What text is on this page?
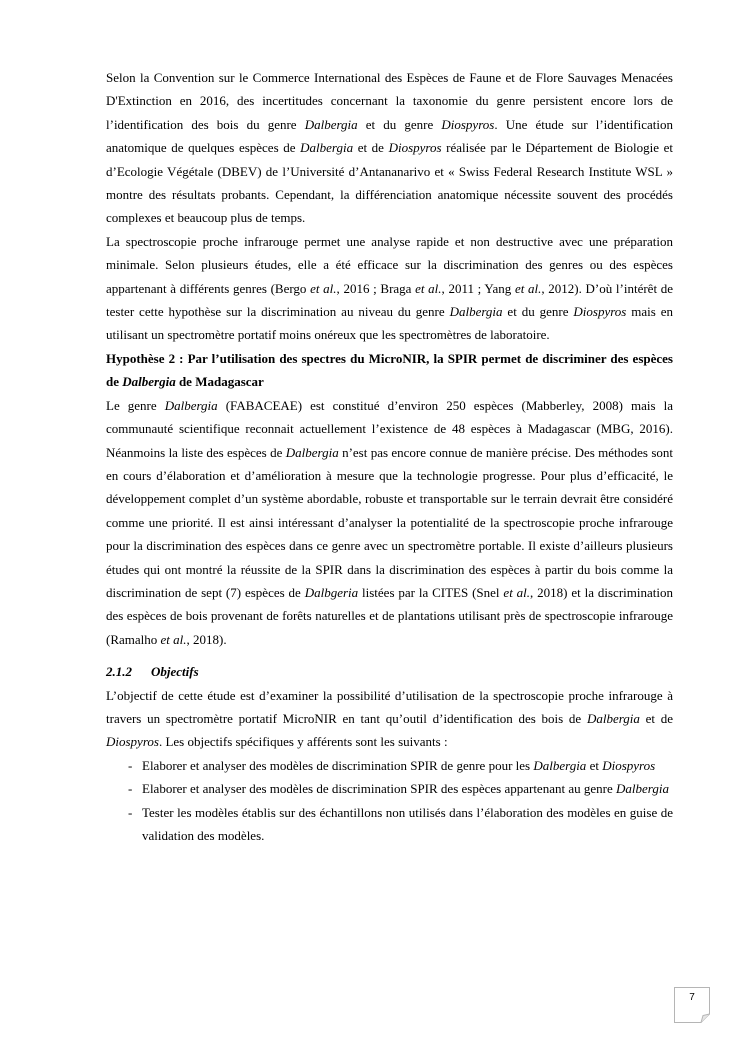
Selon la Convention sur le Commerce International des Espèces de Faune et de Flore Sauvages Menacées D'Extinction en 2016, des incertitudes concernant la taxonomie du genre persistent encore lors de l’identification des bois du genre Dalbergia et du genre Diospyros. Une étude sur l’identification anatomique de quelques espèces de Dalbergia et de Diospyros réalisée par le Département de Biologie et d’Ecologie Végétale (DBEV) de l’Université d’Antananarivo et « Swiss Federal Research Institute WSL » montre des résultats probants. Cependant, la différenciation anatomique nécessite souvent des procédés complexes et beaucoup plus de temps.

La spectroscopie proche infrarouge permet une analyse rapide et non destructive avec une préparation minimale. Selon plusieurs études, elle a été efficace sur la discrimination des genres ou des espèces appartenant à différents genres (Bergo et al., 2016 ; Braga et al., 2011 ; Yang et al., 2012). D’où l’intérêt de tester cette hypothèse sur la discrimination au niveau du genre Dalbergia et du genre Diospyros mais en utilisant un spectromètre portatif moins onéreux que les spectromètres de laboratoire.

Hypothèse 2 : Par l’utilisation des spectres du MicroNIR, la SPIR permet de discriminer des espèces de Dalbergia de Madagascar

Le genre Dalbergia (FABACEAE) est constitué d’environ 250 espèces (Mabberley, 2008) mais la communauté scientifique reconnait actuellement l’existence de 48 espèces à Madagascar (MBG, 2016). Néanmoins la liste des espèces de Dalbergia n’est pas encore connue de manière précise. Des méthodes sont en cours d’élaboration et d’amélioration à mesure que la technologie progresse. Pour plus d’efficacité, le développement complet d’un système abordable, robuste et transportable sur le terrain devrait être considéré comme une priorité. Il est ainsi intéressant d’analyser la potentialité de la spectroscopie proche infrarouge pour la discrimination des espèces dans ce genre avec un spectromètre portable. Il existe d’ailleurs plusieurs études qui ont montré la réussite de la SPIR dans la discrimination des espèces à partir du bois comme la discrimination de sept (7) espèces de Dalbgeria listées par la CITES (Snel et al., 2018) et la discrimination des espèces de bois provenant de forêts naturelles et de plantations utilisant près de spectroscopie infrarouge (Ramalho et al., 2018).

2.1.2 Objectifs

L’objectif de cette étude est d’examiner la possibilité d’utilisation de la spectroscopie proche infrarouge à travers un spectromètre portatif MicroNIR en tant qu’outil d’identification des bois de Dalbergia et de Diospyros. Les objectifs spécifiques y afférents sont les suivants :

- Elaborer et analyser des modèles de discrimination SPIR de genre pour les Dalbergia et Diospyros
- Elaborer et analyser des modèles de discrimination SPIR des espèces appartenant au genre Dalbergia
- Tester les modèles établis sur des échantillons non utilisés dans l’élaboration des modèles en guise de validation des modèles.
7
